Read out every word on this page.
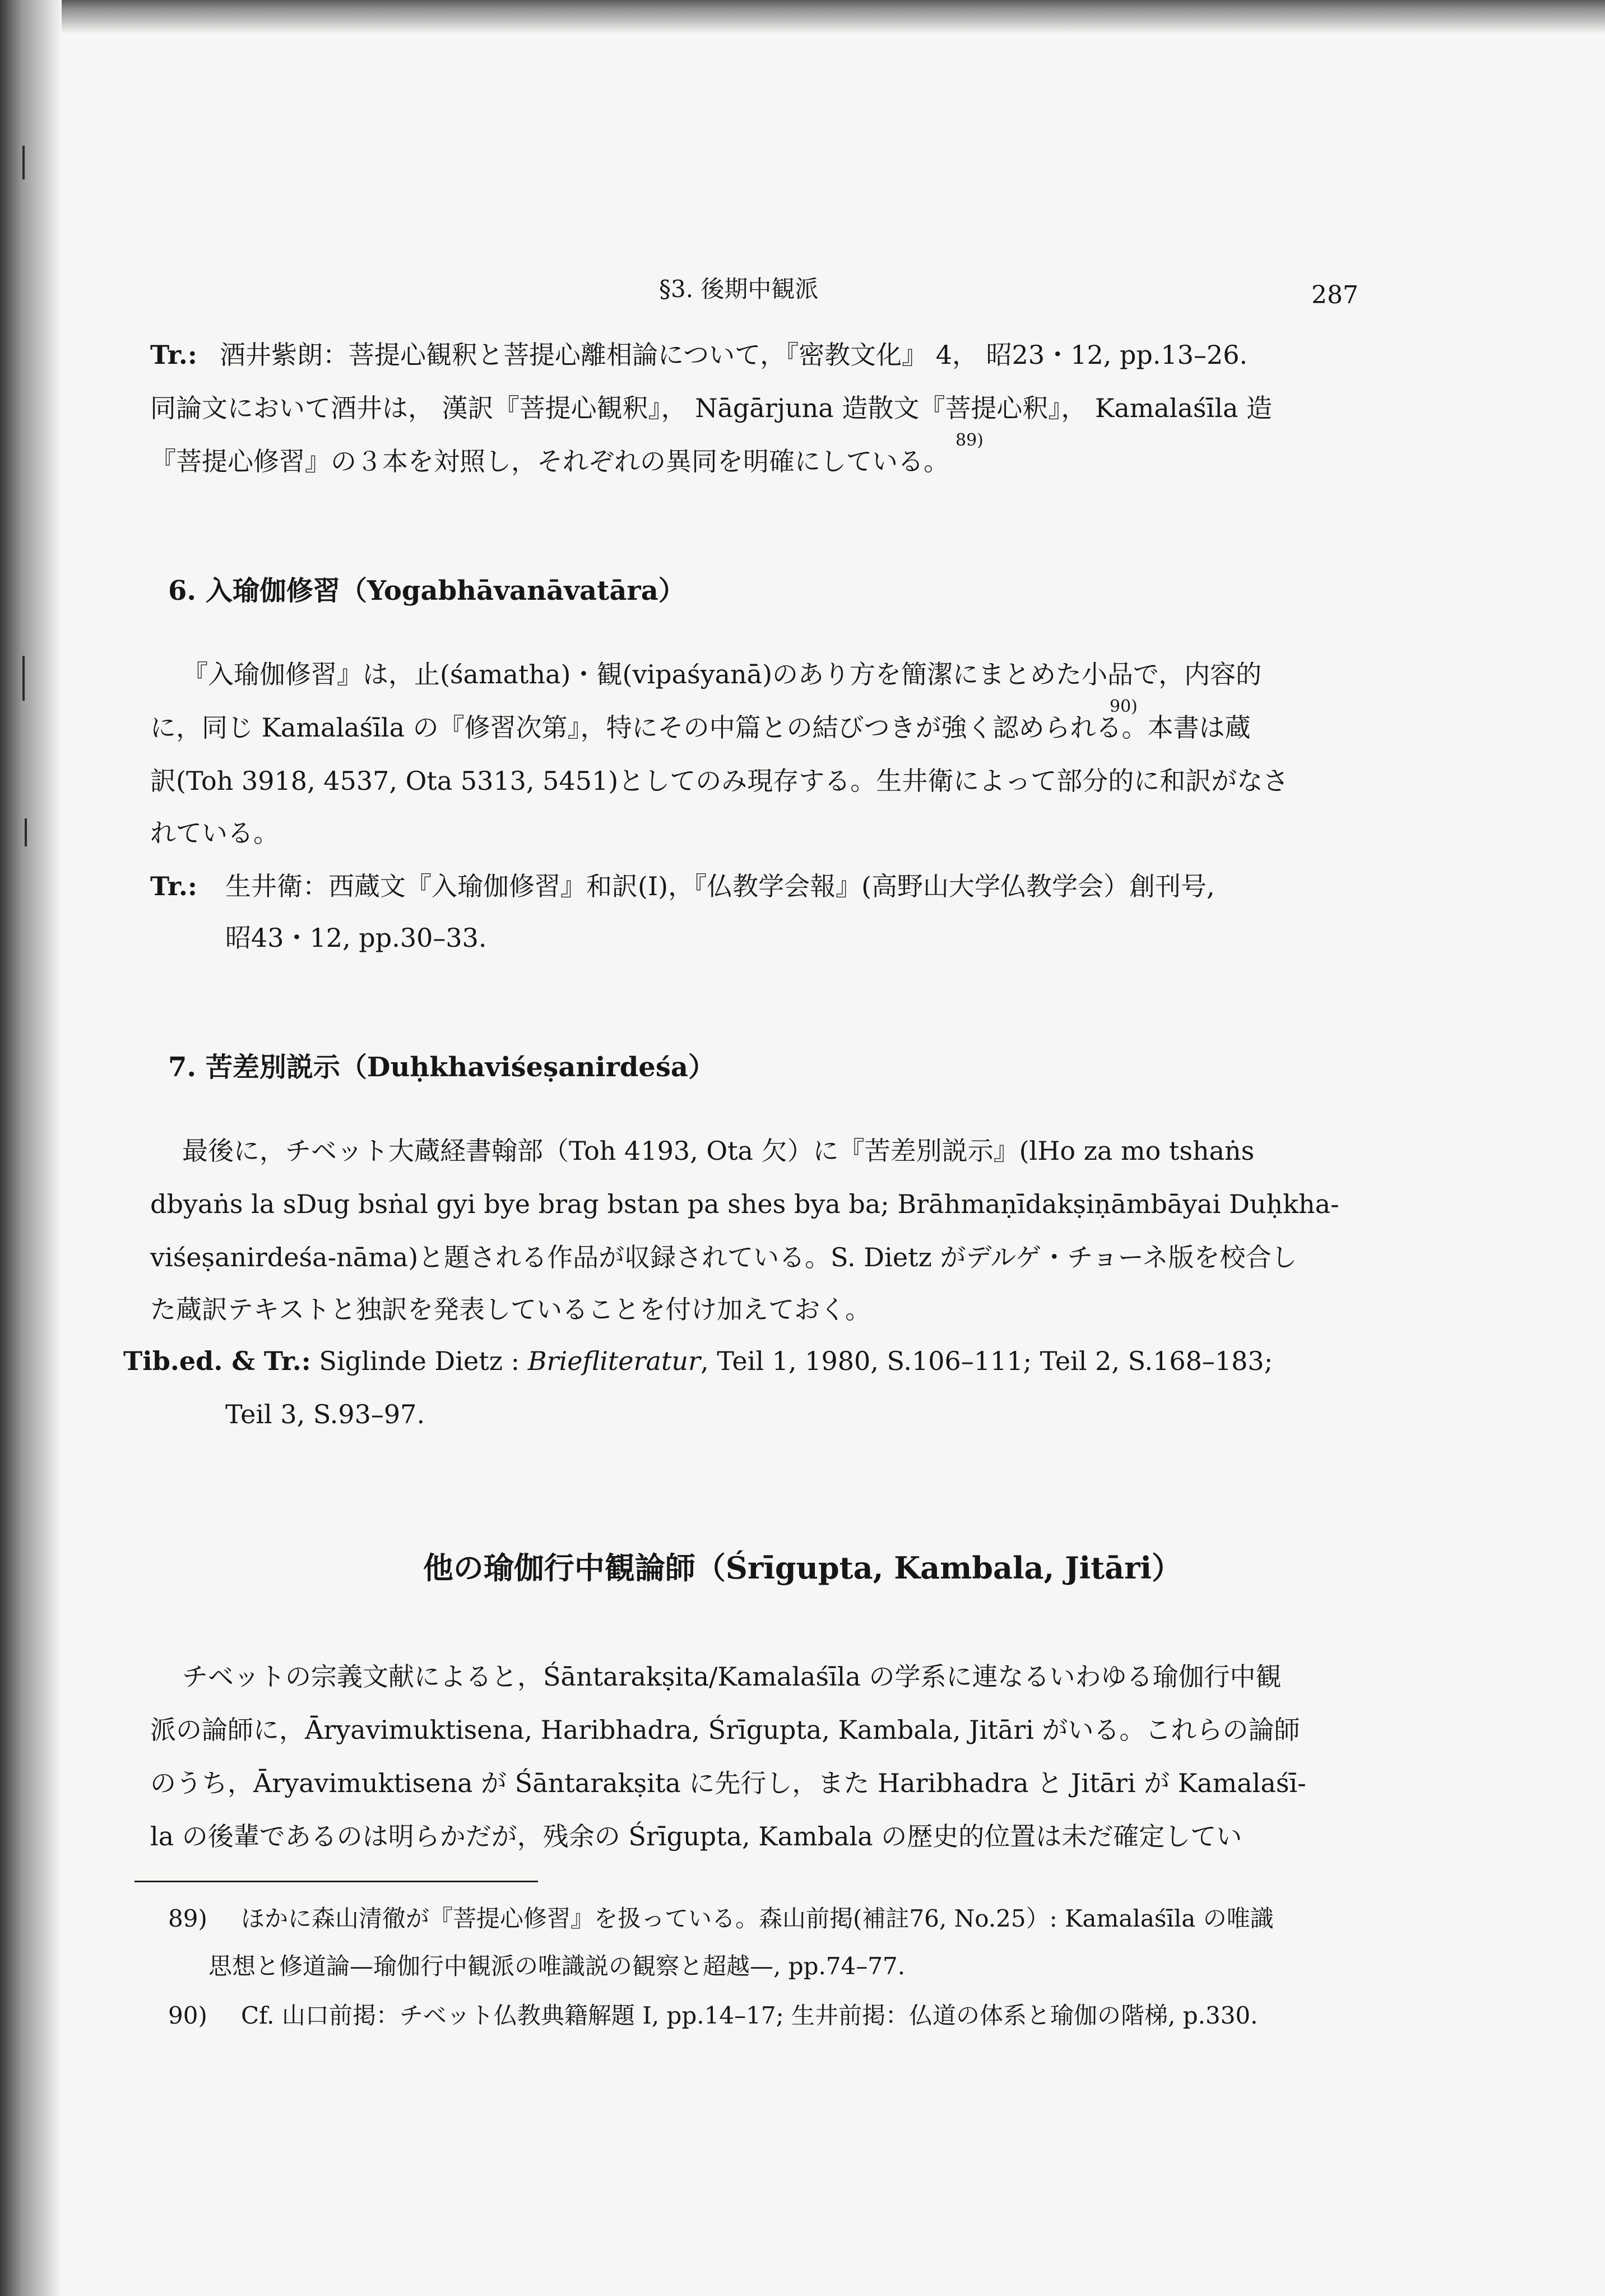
§3. 後期中観派	287
Tr.: 酒井紫朗：菩提心観釈と菩提心離相論について，『密教文化』 4， 昭23・12, pp.13–26.
同論文において酒井は， 漢訳『菩提心観釈』， Nāgārjuna 造散文『菩提心釈』， Kamalaśīla 造
『菩提心修習』の３本を対照し，それぞれの異同を明確にしている。
89)
6. 入瑜伽修習（Yogabhāvanāvatāra）
『入瑜伽修習』は，止(śamatha)・観(vipaśyanā)のあり方を簡潔にまとめた小品で，内容的
に，同じ Kamalaśīla の『修習次第』，特にその中篇との結びつきが強く認められる。本書は蔵
90)
訳(Toh 3918, 4537, Ota 5313, 5451)としてのみ現存する。生井衛によって部分的に和訳がなさ
れている。
Tr.: 生井衛：西蔵文『入瑜伽修習』和訳(Ⅰ)，『仏教学会報』(高野山大学仏教学会）創刊号,
昭43・12, pp.30–33.
7. 苦差別説示（Duḥkhaviśeṣanirdeśa）
最後に，チベット大蔵経書翰部（Toh 4193, Ota 欠）に『苦差別説示』(lHo za mo tshaṅs
dbyaṅs la sDug bsṅal gyi bye brag bstan pa shes bya ba; Brāhmaṇīdakṣiṇāmbāyai Duḥkha-
viśeṣanirdeśa-nāma)と題される作品が収録されている。S. Dietz がデルゲ・チョーネ版を校合し
た蔵訳テキストと独訳を発表していることを付け加えておく。
Tib.ed. & Tr.: Siglinde Dietz : Briefliteratur, Teil 1, 1980, S.106–111; Teil 2, S.168–183;
Teil 3, S.93–97.
他の瑜伽行中観論師（Śrīgupta, Kambala, Jitāri）
チベットの宗義文献によると，Śāntarakṣita/Kamalaśīla の学系に連なるいわゆる瑜伽行中観
派の論師に，Āryavimuktisena, Haribhadra, Śrīgupta, Kambala, Jitāri がいる。これらの論師
のうち，Āryavimuktisena が Śāntarakṣita に先行し，また Haribhadra と Jitāri が Kamalaśī-
la の後輩であるのは明らかだが，残余の Śrīgupta, Kambala の歴史的位置は未だ確定してい
89) ほかに森山清徹が『菩提心修習』を扱っている。森山前掲(補註76, No.25）: Kamalaśīla の唯識
思想と修道論—瑜伽行中観派の唯識説の観察と超越—, pp.74–77.
90) Cf. 山口前掲：チベット仏教典籍解題 Ⅰ, pp.14–17; 生井前掲：仏道の体系と瑜伽の階梯, p.330.
